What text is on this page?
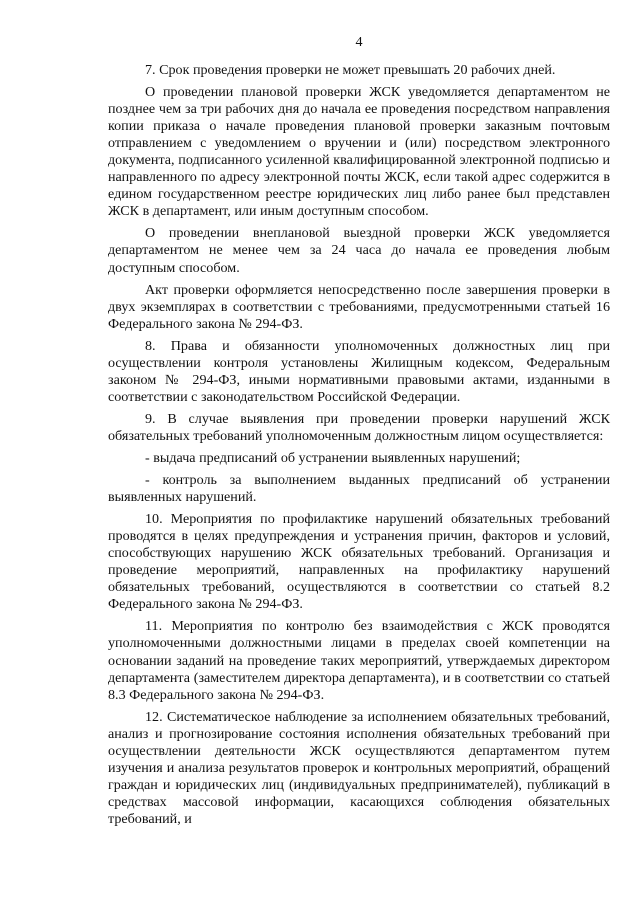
4

7. Срок проведения проверки не может превышать 20 рабочих дней.

О проведении плановой проверки ЖСК уведомляется департаментом не позднее чем за три рабочих дня до начала ее проведения посредством направления копии приказа о начале проведения плановой проверки заказным почтовым отправлением с уведомлением о вручении и (или) посредством электронного документа, подписанного усиленной квалифицированной электронной подписью и направленного по адресу электронной почты ЖСК, если такой адрес содержится в едином государственном реестре юридических лиц либо ранее был представлен ЖСК в департамент, или иным доступным способом.

О проведении внеплановой выездной проверки ЖСК уведомляется департаментом не менее чем за 24 часа до начала ее проведения любым доступным способом.

Акт проверки оформляется непосредственно после завершения проверки в двух экземплярах в соответствии с требованиями, предусмотренными статьей 16 Федерального закона № 294-ФЗ.

8. Права и обязанности уполномоченных должностных лиц при осуществлении контроля установлены Жилищным кодексом, Федеральным законом № 294-ФЗ, иными нормативными правовыми актами, изданными в соответствии с законодательством Российской Федерации.

9. В случае выявления при проведении проверки нарушений ЖСК обязательных требований уполномоченным должностным лицом осуществляется:

- выдача предписаний об устранении выявленных нарушений;

- контроль за выполнением выданных предписаний об устранении выявленных нарушений.

10. Мероприятия по профилактике нарушений обязательных требований проводятся в целях предупреждения и устранения причин, факторов и условий, способствующих нарушению ЖСК обязательных требований. Организация и проведение мероприятий, направленных на профилактику нарушений обязательных требований, осуществляются в соответствии со статьей 8.2 Федерального закона № 294-ФЗ.

11. Мероприятия по контролю без взаимодействия с ЖСК проводятся уполномоченными должностными лицами в пределах своей компетенции на основании заданий на проведение таких мероприятий, утверждаемых директором департамента (заместителем директора департамента), и в соответствии со статьей 8.3 Федерального закона № 294-ФЗ.

12. Систематическое наблюдение за исполнением обязательных требований, анализ и прогнозирование состояния исполнения обязательных требований при осуществлении деятельности ЖСК осуществляются департаментом путем изучения и анализа результатов проверок и контрольных мероприятий, обращений граждан и юридических лиц (индивидуальных предпринимателей), публикаций в средствах массовой информации, касающихся соблюдения обязательных требований, и
